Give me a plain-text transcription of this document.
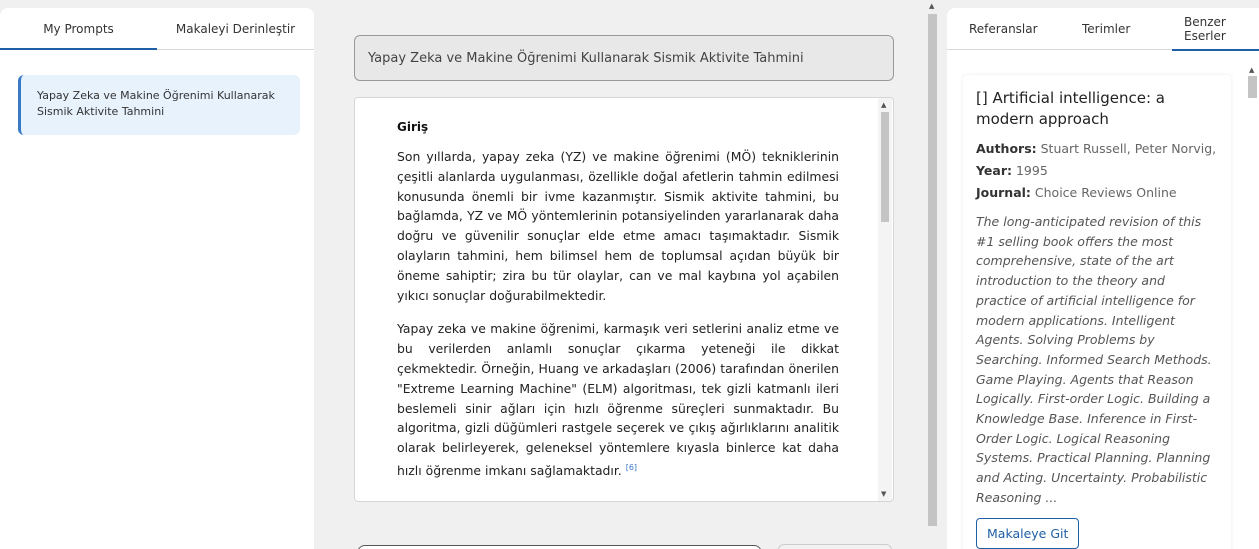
My Prompts	Makaleyi Derinleştir
Yapay Zeka ve Makine Öğrenimi Kullanarak Sismik Aktivite Tahmini
Yapay Zeka ve Makine Öğrenimi Kullanarak Sismik Aktivite Tahmini
Giriş

Son yıllarda, yapay zeka (YZ) ve makine öğrenimi (MÖ) tekniklerinin çeşitli alanlarda uygulanması, özellikle doğal afetlerin tahmin edilmesi konusunda önemli bir ivme kazanmıştır. Sismik aktivite tahmini, bu bağlamda, YZ ve MÖ yöntemlerinin potansiyelinden yararlanarak daha doğru ve güvenilir sonuçlar elde etme amacı taşımaktadır. Sismik olayların tahmini, hem bilimsel hem de toplumsal açıdan büyük bir öneme sahiptir; zira bu tür olaylar, can ve mal kaybına yol açabilen yıkıcı sonuçlar doğurabilmektedir.

Yapay zeka ve makine öğrenimi, karmaşık veri setlerini analiz etme ve bu verilerden anlamlı sonuçlar çıkarma yeteneği ile dikkat çekmektedir. Örneğin, Huang ve arkadaşları (2006) tarafından önerilen "Extreme Learning Machine" (ELM) algoritması, tek gizli katmanlı ileri beslemeli sinir ağları için hızlı öğrenme süreçleri sunmaktadır. Bu algoritma, gizli düğümleri rastgele seçerek ve çıkış ağırlıklarını analitik olarak belirleyerek, geleneksel yöntemlere kıyasla binlerce kat daha hızlı öğrenme imkanı sağlamaktadır. [6]

▲
▼
▲
Referanslar	Terimler	Benzer Eserler
[] Artificial intelligence: a modern approach
Authors: Stuart Russell, Peter Norvig,
Year: 1995
Journal: Choice Reviews Online
The long-anticipated revision of this #1 selling book offers the most comprehensive, state of the art introduction to the theory and practice of artificial intelligence for modern applications. Intelligent Agents. Solving Problems by Searching. Informed Search Methods. Game Playing. Agents that Reason Logically. First-order Logic. Building a Knowledge Base. Inference in First-Order Logic. Logical Reasoning Systems. Practical Planning. Planning and Acting. Uncertainty. Probabilistic Reasoning ...
Makaleye Git
▲
